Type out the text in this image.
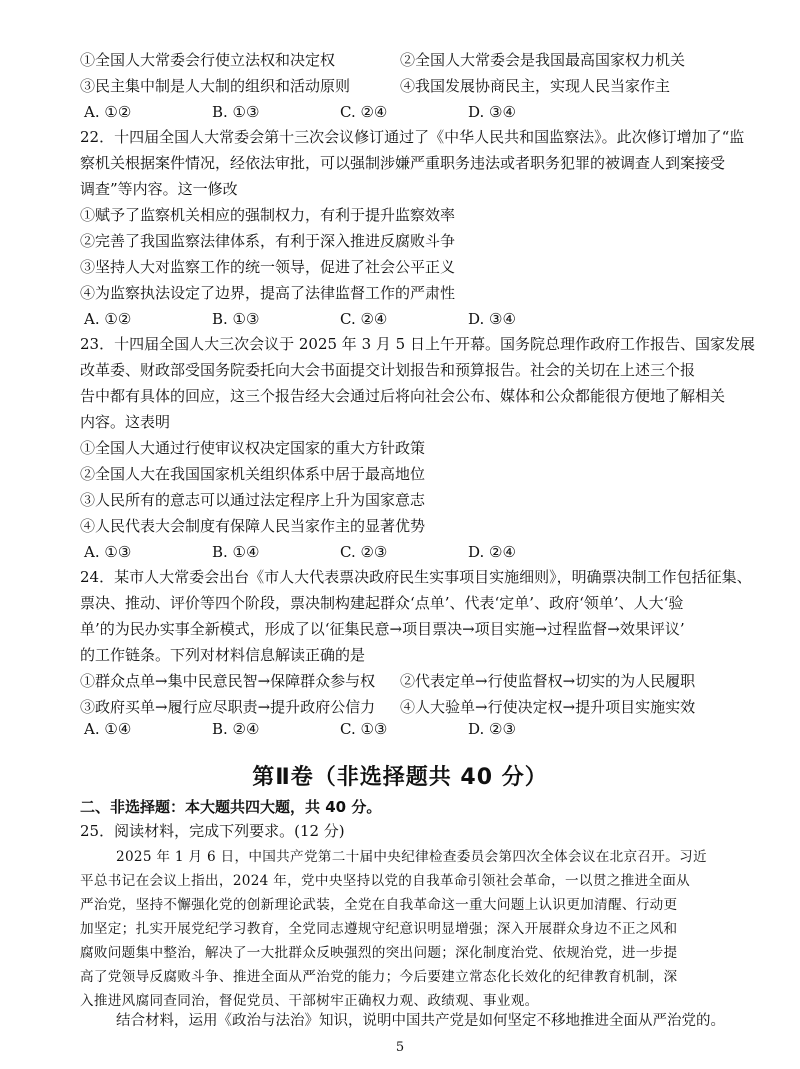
①全国人大常委会行使立法权和决定权	②全国人大常委会是我国最高国家权力机关
③民主集中制是人大制的组织和活动原则	④我国发展协商民主，实现人民当家作主
A. ①②	B. ①③	C. ②④	D. ③④
22．十四届全国人大常委会第十三次会议修订通过了《中华人民共和国监察法》。此次修订增加了“监
察机关根据案件情况，经依法审批，可以强制涉嫌严重职务违法或者职务犯罪的被调查人到案接受
调查”等内容。这一修改
①赋予了监察机关相应的强制权力，有利于提升监察效率
②完善了我国监察法律体系，有利于深入推进反腐败斗争
③坚持人大对监察工作的统一领导，促进了社会公平正义
④为监察执法设定了边界，提高了法律监督工作的严肃性
A. ①②	B. ①③	C. ②④	D. ③④
23．十四届全国人大三次会议于 2025 年 3 月 5 日上午开幕。国务院总理作政府工作报告、国家发展
改革委、财政部受国务院委托向大会书面提交计划报告和预算报告。社会的关切在上述三个报
告中都有具体的回应，这三个报告经大会通过后将向社会公布、媒体和公众都能很方便地了解相关
内容。这表明
①全国人大通过行使审议权决定国家的重大方针政策
②全国人大在我国国家机关组织体系中居于最高地位
③人民所有的意志可以通过法定程序上升为国家意志
④人民代表大会制度有保障人民当家作主的显著优势
A. ①③	B. ①④	C. ②③	D. ②④
24．某市人大常委会出台《市人大代表票决政府民生实事项目实施细则》，明确票决制工作包括征集、
票决、推动、评价等四个阶段，票决制构建起群众‘点单’、代表‘定单’、政府‘领单’、人大‘验
单’的为民办实事全新模式，形成了以‘征集民意→项目票决→项目实施→过程监督→效果评议’
的工作链条。下列对材料信息解读正确的是
①群众点单→集中民意民智→保障群众参与权 ②代表定单→行使监督权→切实的为人民履职
③政府买单→履行应尽职责→提升政府公信力 ④人大验单→行使决定权→提升项目实施实效
A. ①④	B. ②④	C. ①③	D. ②③
第Ⅱ卷（非选择题共 40 分）
二、非选择题：本大题共四大题，共 40 分。
25．阅读材料，完成下列要求。(12 分)
2025 年 1 月 6 日，中国共产党第二十届中央纪律检查委员会第四次全体会议在北京召开。习近
平总书记在会议上指出，2024 年，党中央坚持以党的自我革命引领社会革命，一以贯之推进全面从
严治党，坚持不懈强化党的创新理论武装，全党在自我革命这一重大问题上认识更加清醒、行动更
加坚定；扎实开展党纪学习教育，全党同志遵规守纪意识明显增强；深入开展群众身边不正之风和
腐败问题集中整治，解决了一大批群众反映强烈的突出问题；深化制度治党、依规治党，进一步提
高了党领导反腐败斗争、推进全面从严治党的能力；今后要建立常态化长效化的纪律教育机制，深
入推进风腐同查同治，督促党员、干部树牢正确权力观、政绩观、事业观。
5
结合材料，运用《政治与法治》知识，说明中国共产党是如何坚定不移地推进全面从严治党的。
